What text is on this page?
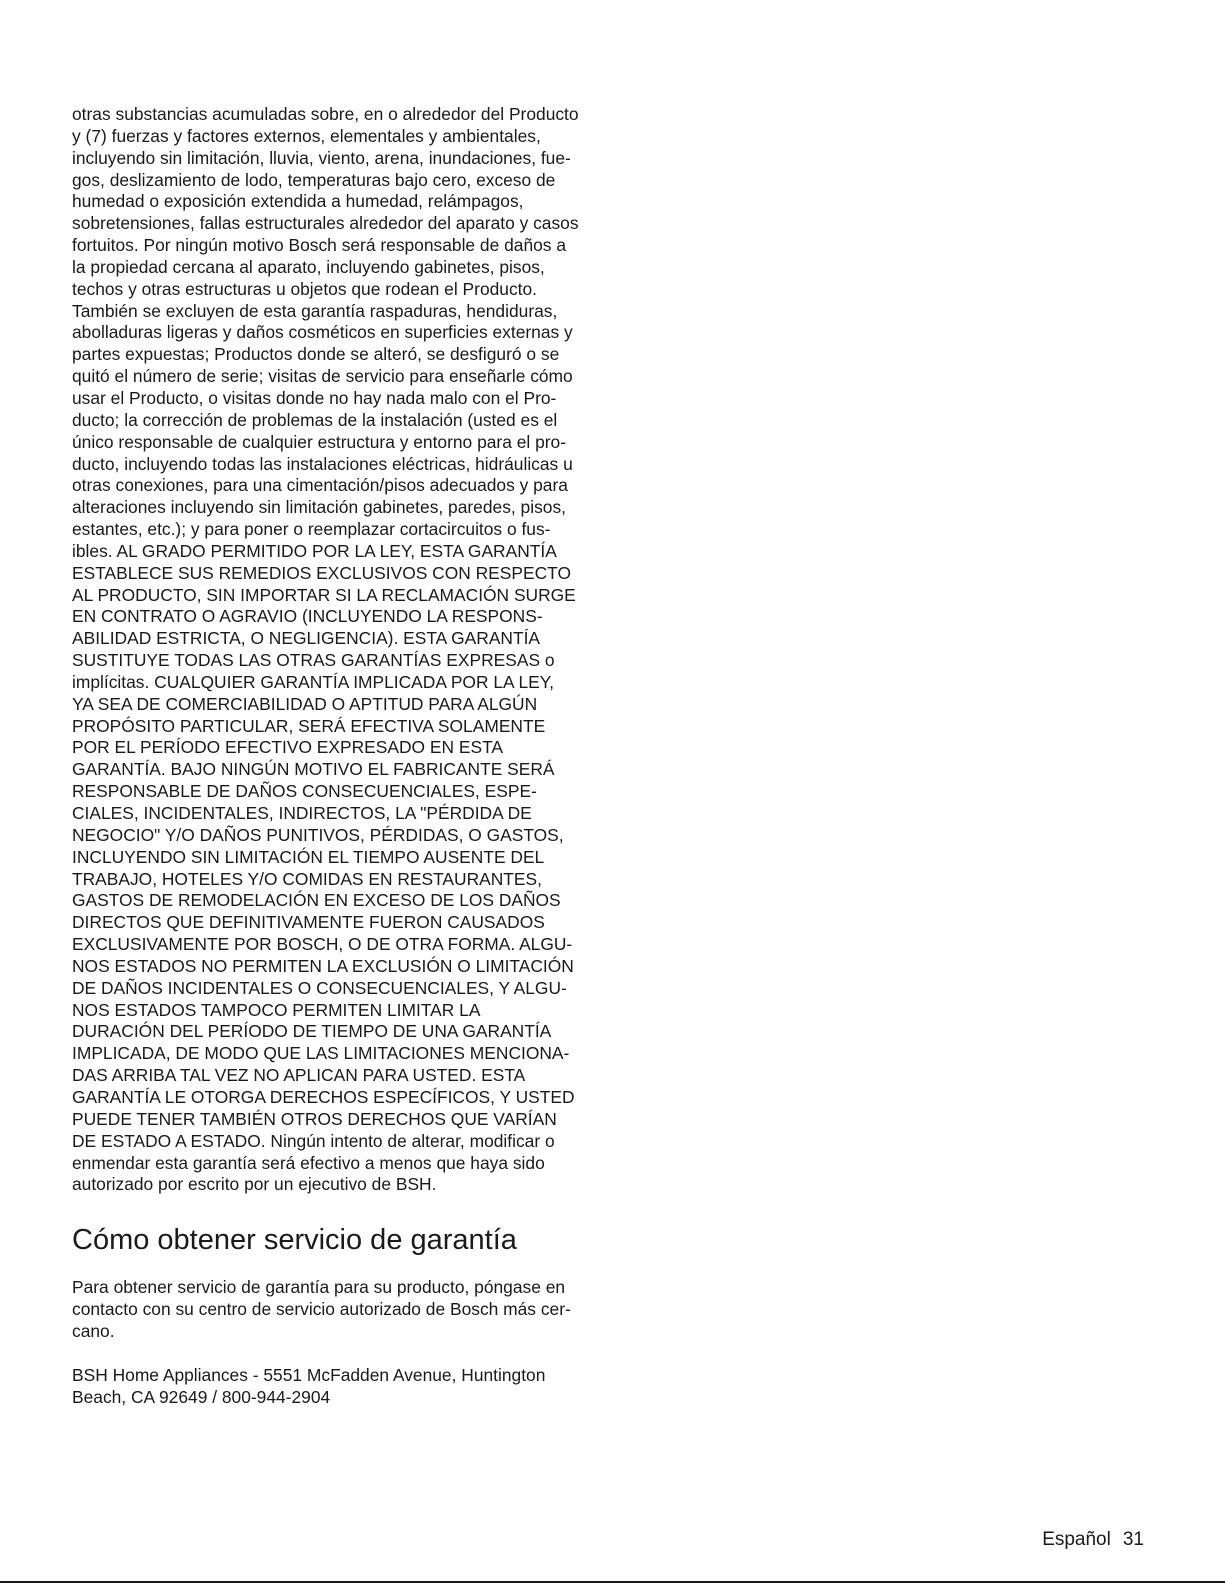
otras substancias acumuladas sobre, en o alrededor del Producto
y (7) fuerzas y factores externos, elementales y ambientales,
incluyendo sin limitación, lluvia, viento, arena, inundaciones, fue-
gos, deslizamiento de lodo, temperaturas bajo cero, exceso de
humedad o exposición extendida a humedad, relámpagos,
sobretensiones, fallas estructurales alrededor del aparato y casos
fortuitos. Por ningún motivo Bosch será responsable de daños a
la propiedad cercana al aparato, incluyendo gabinetes, pisos,
techos y otras estructuras u objetos que rodean el Producto.
También se excluyen de esta garantía raspaduras, hendiduras,
abolladuras ligeras y daños cosméticos en superficies externas y
partes expuestas; Productos donde se alteró, se desfiguró o se
quitó el número de serie; visitas de servicio para enseñarle cómo
usar el Producto, o visitas donde no hay nada malo con el Pro-
ducto; la corrección de problemas de la instalación (usted es el
único responsable de cualquier estructura y entorno para el pro-
ducto, incluyendo todas las instalaciones eléctricas, hidráulicas u
otras conexiones, para una cimentación/pisos adecuados y para
alteraciones incluyendo sin limitación gabinetes, paredes, pisos,
estantes, etc.); y para poner o reemplazar cortacircuitos o fus-
ibles. AL GRADO PERMITIDO POR LA LEY, ESTA GARANTÍA
ESTABLECE SUS REMEDIOS EXCLUSIVOS CON RESPECTO
AL PRODUCTO, SIN IMPORTAR SI LA RECLAMACIÓN SURGE
EN CONTRATO O AGRAVIO (INCLUYENDO LA RESPONS-
ABILIDAD ESTRICTA, O NEGLIGENCIA). ESTA GARANTÍA
SUSTITUYE TODAS LAS OTRAS GARANTÍAS EXPRESAS o
implícitas. CUALQUIER GARANTÍA IMPLICADA POR LA LEY,
YA SEA DE COMERCIABILIDAD O APTITUD PARA ALGÚN
PROPÓSITO PARTICULAR, SERÁ EFECTIVA SOLAMENTE
POR EL PERÍODO EFECTIVO EXPRESADO EN ESTA
GARANTÍA. BAJO NINGÚN MOTIVO EL FABRICANTE SERÁ
RESPONSABLE DE DAÑOS CONSECUENCIALES, ESPE-
CIALES, INCIDENTALES, INDIRECTOS, LA "PÉRDIDA DE
NEGOCIO" Y/O DAÑOS PUNITIVOS, PÉRDIDAS, O GASTOS,
INCLUYENDO SIN LIMITACIÓN EL TIEMPO AUSENTE DEL
TRABAJO, HOTELES Y/O COMIDAS EN RESTAURANTES,
GASTOS DE REMODELACIÓN EN EXCESO DE LOS DAÑOS
DIRECTOS QUE DEFINITIVAMENTE FUERON CAUSADOS
EXCLUSIVAMENTE POR BOSCH, O DE OTRA FORMA. ALGU-
NOS ESTADOS NO PERMITEN LA EXCLUSIÓN O LIMITACIÓN
DE DAÑOS INCIDENTALES O CONSECUENCIALES, Y ALGU-
NOS ESTADOS TAMPOCO PERMITEN LIMITAR LA
DURACIÓN DEL PERÍODO DE TIEMPO DE UNA GARANTÍA
IMPLICADA, DE MODO QUE LAS LIMITACIONES MENCIONA-
DAS ARRIBA TAL VEZ NO APLICAN PARA USTED. ESTA
GARANTÍA LE OTORGA DERECHOS ESPECÍFICOS, Y USTED
PUEDE TENER TAMBIÉN OTROS DERECHOS QUE VARÍAN
DE ESTADO A ESTADO. Ningún intento de alterar, modificar o
enmendar esta garantía será efectivo a menos que haya sido
autorizado por escrito por un ejecutivo de BSH.

Cómo obtener servicio de garantía

Para obtener servicio de garantía para su producto, póngase en
contacto con su centro de servicio autorizado de Bosch más cer-
cano.

BSH Home Appliances - 5551 McFadden Avenue, Huntington
Beach, CA 92649 / 800-944-2904

Español 31
